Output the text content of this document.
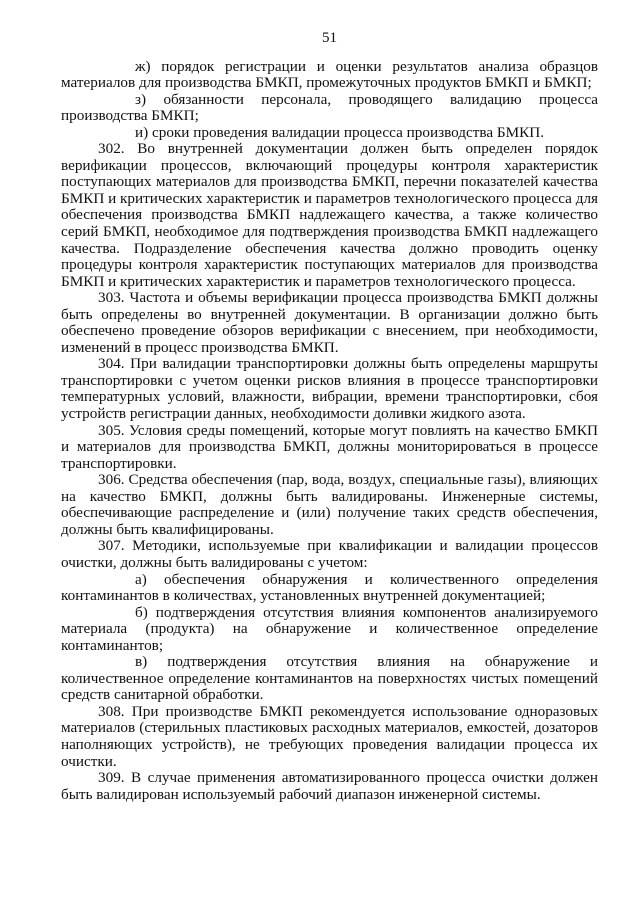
51

ж) порядок регистрации и оценки результатов анализа образцов материалов для производства БМКП, промежуточных продуктов БМКП и БМКП;

з) обязанности персонала, проводящего валидацию процесса производства БМКП;

и) сроки проведения валидации процесса производства БМКП.

302. Во внутренней документации должен быть определен порядок верификации процессов, включающий процедуры контроля характеристик поступающих материалов для производства БМКП, перечни показателей качества БМКП и критических характеристик и параметров технологического процесса для обеспечения производства БМКП надлежащего качества, а также количество серий БМКП, необходимое для подтверждения производства БМКП надлежащего качества. Подразделение обеспечения качества должно проводить оценку процедуры контроля характеристик поступающих материалов для производства БМКП и критических характеристик и параметров технологического процесса.

303. Частота и объемы верификации процесса производства БМКП должны быть определены во внутренней документации. В организации должно быть обеспечено проведение обзоров верификации с внесением, при необходимости, изменений в процесс производства БМКП.

304. При валидации транспортировки должны быть определены маршруты транспортировки с учетом оценки рисков влияния в процессе транспортировки температурных условий, влажности, вибрации, времени транспортировки, сбоя устройств регистрации данных, необходимости доливки жидкого азота.

305. Условия среды помещений, которые могут повлиять на качество БМКП и материалов для производства БМКП, должны мониторироваться в процессе транспортировки.

306. Средства обеспечения (пар, вода, воздух, специальные газы), влияющих на качество БМКП, должны быть валидированы. Инженерные системы, обеспечивающие распределение и (или) получение таких средств обеспечения, должны быть квалифицированы.

307. Методики, используемые при квалификации и валидации процессов очистки, должны быть валидированы с учетом:

а) обеспечения обнаружения и количественного определения контаминантов в количествах, установленных внутренней документацией;

б) подтверждения отсутствия влияния компонентов анализируемого материала (продукта) на обнаружение и количественное определение контаминантов;

в) подтверждения отсутствия влияния на обнаружение и количественное определение контаминантов на поверхностях чистых помещений средств санитарной обработки.

308. При производстве БМКП рекомендуется использование одноразовых материалов (стерильных пластиковых расходных материалов, емкостей, дозаторов наполняющих устройств), не требующих проведения валидации процесса их очистки.

309. В случае применения автоматизированного процесса очистки должен быть валидирован используемый рабочий диапазон инженерной системы.
